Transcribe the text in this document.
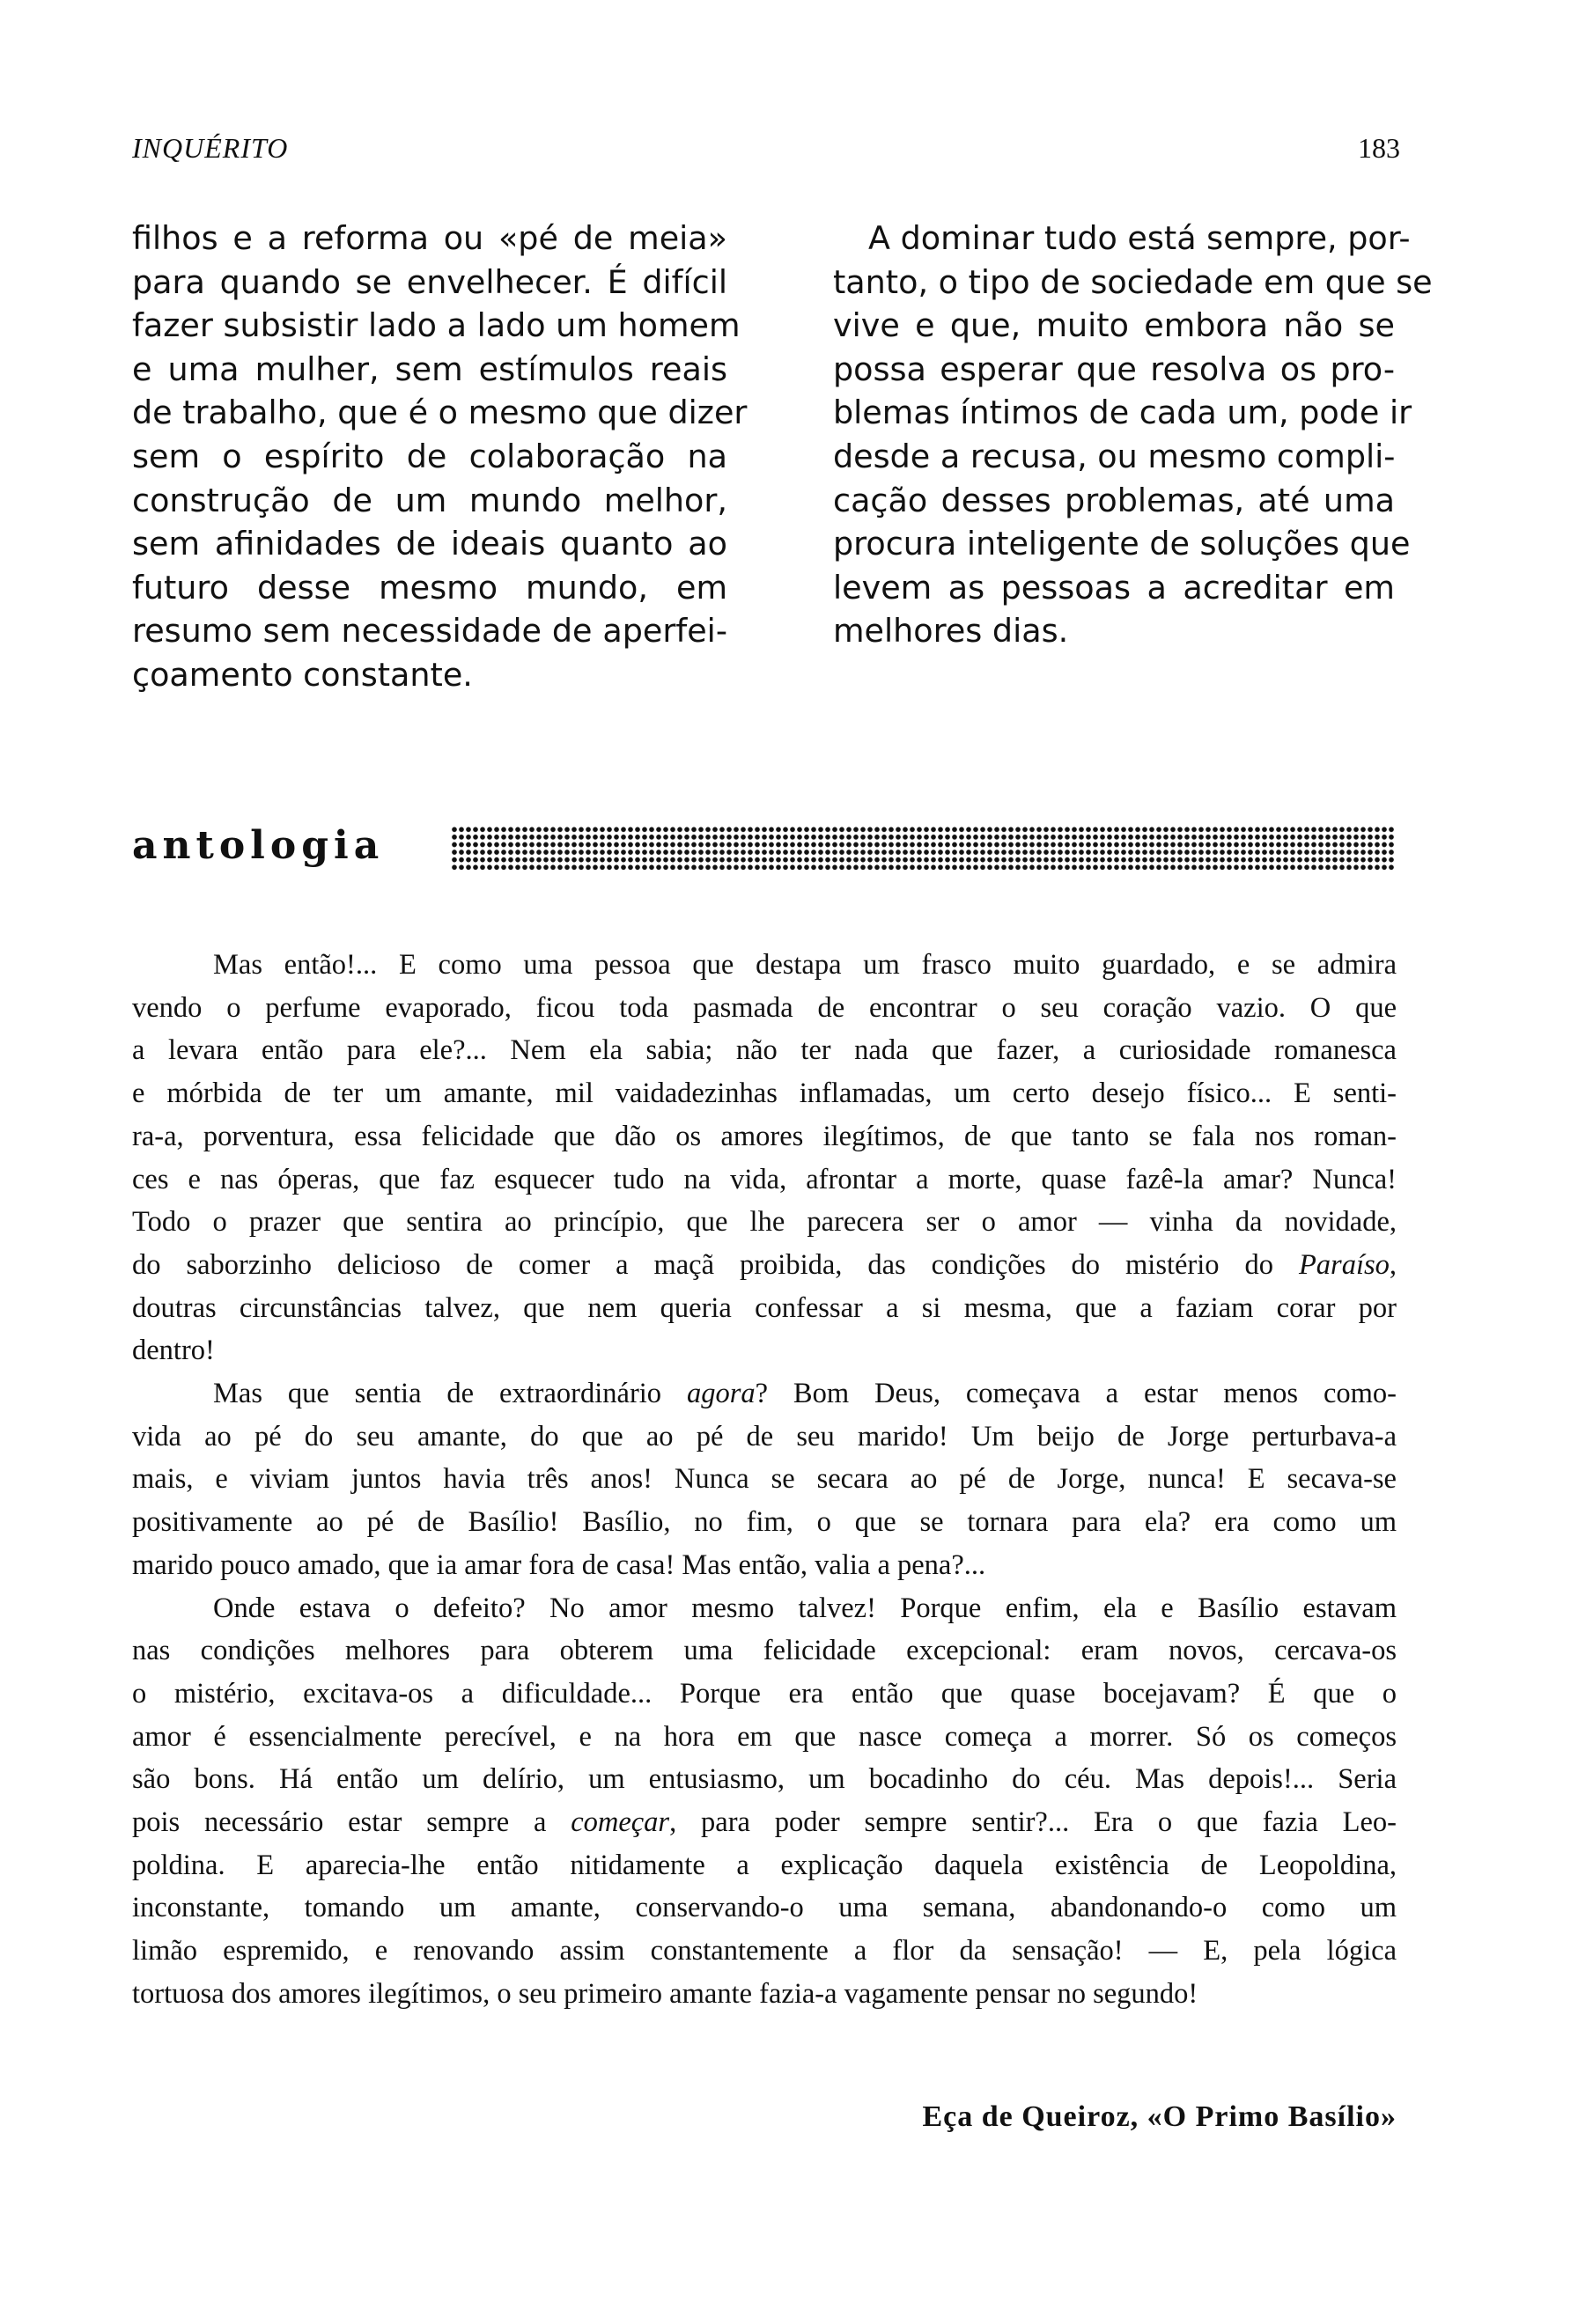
INQUÉRITO	183

filhos e a reforma ou «pé de meia»
para quando se envelhecer. É difícil
fazer subsistir lado a lado um homem
e uma mulher, sem estímulos reais
de trabalho, que é o mesmo que dizer
sem o espírito de colaboração na
construção de um mundo melhor,
sem afinidades de ideais quanto ao
futuro desse mesmo mundo, em
resumo sem necessidade de aperfei-
çoamento constante.

A dominar tudo está sempre, por-
tanto, o tipo de sociedade em que se
vive e que, muito embora não se
possa esperar que resolva os pro-
blemas íntimos de cada um, pode ir
desde a recusa, ou mesmo compli-
cação desses problemas, até uma
procura inteligente de soluções que
levem as pessoas a acreditar em
melhores dias.

antologia

Mas então!... E como uma pessoa que destapa um frasco muito guardado, e se admira
vendo o perfume evaporado, ficou toda pasmada de encontrar o seu coração vazio. O que
a levara então para ele?... Nem ela sabia; não ter nada que fazer, a curiosidade romanesca
e mórbida de ter um amante, mil vaidadezinhas inflamadas, um certo desejo físico... E senti-
ra-a, porventura, essa felicidade que dão os amores ilegítimos, de que tanto se fala nos roman-
ces e nas óperas, que faz esquecer tudo na vida, afrontar a morte, quase fazê-la amar? Nunca!
Todo o prazer que sentira ao princípio, que lhe parecera ser o amor — vinha da novidade,
do saborzinho delicioso de comer a maçã proibida, das condições do mistério do Paraíso,
doutras circunstâncias talvez, que nem queria confessar a si mesma, que a faziam corar por
dentro!

Mas que sentia de extraordinário agora? Bom Deus, começava a estar menos como-
vida ao pé do seu amante, do que ao pé de seu marido! Um beijo de Jorge perturbava-a
mais, e viviam juntos havia três anos! Nunca se secara ao pé de Jorge, nunca! E secava-se
positivamente ao pé de Basílio! Basílio, no fim, o que se tornara para ela? era como um
marido pouco amado, que ia amar fora de casa! Mas então, valia a pena?...

Onde estava o defeito? No amor mesmo talvez! Porque enfim, ela e Basílio estavam
nas condições melhores para obterem uma felicidade excepcional: eram novos, cercava-os
o mistério, excitava-os a dificuldade... Porque era então que quase bocejavam? É que o
amor é essencialmente perecível, e na hora em que nasce começa a morrer. Só os começos
são bons. Há então um delírio, um entusiasmo, um bocadinho do céu. Mas depois!... Seria
pois necessário estar sempre a começar, para poder sempre sentir?... Era o que fazia Leo-
poldina. E aparecia-lhe então nitidamente a explicação daquela existência de Leopoldina,
inconstante, tomando um amante, conservando-o uma semana, abandonando-o como um
limão espremido, e renovando assim constantemente a flor da sensação! — E, pela lógica
tortuosa dos amores ilegítimos, o seu primeiro amante fazia-a vagamente pensar no segundo!

Eça de Queiroz, «O Primo Basílio»
